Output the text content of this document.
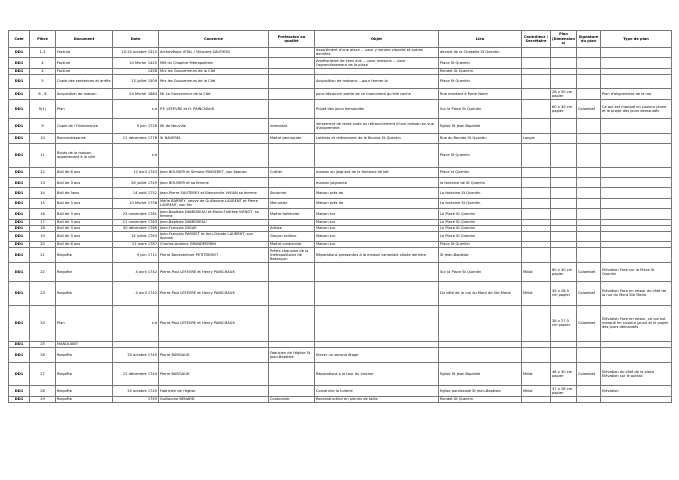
Cote	Pièce	Document	Date	Concerne	Profession ou qualité	Objet	Lieu	Contrôleur / Secrétaire	Plan (Dimension s)	Signature du plan	Type de plan
DD1	1-3	Facture	15-20 octobre 1315	Archevêque VITAL / Villaume SAVOYON		Assortiment d'une place ... pour y vendre viandes et autres denrées	devant de la Chapelle St Quentin				
DD1	4	Facture	10 février 1420	MM du Chapitre Métropolitain		Amélioration de cons dus ... pour maisons ... pour l'agrandissement de la place	Place St Quentin				
DD1	4	Facture	1458	Mrs les Gouverneurs de la Cité			Rendet St Quentin				
DD1	5	Copie des sentences et arrêts	13 juillet 1509	Mrs les Gouverneurs de la Cité		Acquisition de maisons ...pour former la	Place St Quentin				
DD1	6 - 8	Acquisition de maison	24 février 1664	Mr Le Gouverneur de la Cité		pour découvrir partie de ce monument qu'elle cache	Rue montant à Porte Noire		26 x 50 cm papier		Plan d'alignement de la rue
DD1	9(1)	Plan	s.d	P.F. LEFEVRE et H. PAINCHAUX		Projet des jours demandés	Sur la Place St Quentin		60 x 30 cm papier	Colombet	Ce qui est marqué en couleur jaune et le projet des jours demandés
DD1	9	Copie de l'Ordonnance	9 juin 1728	Mr de Neuville	Intendant	Versement de rente suite au retranchement d'une maison en vue d'alignement	Eglise St Jean-Baptiste				
DD1	10	Reconnaissance	21 décembre 1778	Sr BAVEREL	Maître perruquier	Lattines et relèvement de la Bourse St Quentin	Rue du Rondet St Quentin	Longin			
DD1	11	Bouts de la maison appartenant à la ville	s.d				Place St Quentin				
DD1	12	Bail de 6 ans	12 avril 1743	Jean BOUVIER et Simone PASSERET, son épouse	Cuttier	maison au joignant de la fontaine de lait	Place st Quentin				
DD1	13	Bail de 3 ans	26 juillet 1749	Jean BOUVIER et sa femme		maison joignante	la fontaine de St Quentin				
DD1	14	Bail de 9ans	14 août 1752	Jean-Pierre SAUTEREY et Bienvenüe VIVIAN sa femme	Sonturier	Maison près de	La fontaine St Quentin				
DD1	15	Bail de 3 ans	10 février 1758	Marie BARREY, veuve de Guillaume LAURENT et Pierre LAURENT, son fils	Menuisier	Maison près de	La fontaine St Quentin				
DD1	16	Bail de 3 ans	23 novembre 1761	Jean-Baptiste DAMIDSEAU et Marie-Thérèse VIENOT, sa femme	Maître tailleurier	Maison sur	La Place St Quentin				
DD1	17	Bail de 3 ans	12 novembre 1763	Jean-Baptiste DAMIDSEAU		Maison sur	La Place St Quentin				
DD1	18	Bail de 3 ans	30 décembre 1766	Jean-François DIGUE	Artiste	Maison sur	La Place St Quentin				
DD1	19	Bail de 3 ans	14 juillet 1763	Jean-François PARISET et Ann-Claude LAURENT, son épouse	Garçon tailleur	Maison sur	La Place St Quentin				
DD1	20	Bail de 6 ans	21 mars 1787	Charles-Antoine GRANDPERRIN	Maître cordonnier	Maison sur	Place St Quentin				
DD1	21	Requête	9 juin 1711	Pierre Bonaventure PETITREMOT	Prêtre chanoine de la métropolitaine de Besançon	Réparations pressantes à la maison canoniale située derrière	St Jean-Baptiste				
DD1	22	Requête	4 avril 1742	Pierre-Paul LEFEVRE et Henry PAINCHAUX			Sur la Place St Quentin	Millot	60 x 30 cm papier	Colombet	Elévation Face sur la Place St Quentin
DD1	23	Requête	4 avril 1742	Pierre-Paul LEFEVRE et Henry PAINCHAUX			Du côté de la rue du Mont de Ste Marie	Millot	45 x 28,5 cm papier	Colombet	Elévation Face en retour du côté de la rue du Mont Ste Marie
DD1	24	Plan	s.d	Pierre-Paul LEFEVRE et Henry PAINCHAUX					38 x 27,5 cm papier	Colombet	Elévation Face en retour, ce qui est marqué en couleur jaune et le projet des jours demandés
DD1	25	MANQUANT									
DD1	26	Requête	20 octobre 1745	Pierre BARGAUD	Fabricien de l'église St Jean-Baptiste	Elever un second étage					
DD1	27	Requête	12 décembre 1744	Pierre BARGAUD		Réparations à la tour du clocher	Eglise St Jean-Baptiste	Millot	46 x 30 cm papier	Colombet	Elévation du côté de la place Elévation sur le portail
DD1	28	Requête	20 octobre 1745	Fabricien de l'église		Construire la tuilerie	Eglise paroissiale St Jean-Baptiste	Millot	37 x 28 cm papier		Elévation
DD1	29	Requête	1749	Guillaume BENARD	Cordonnier	Reconstruction en pierres de taille	Rendet St Quentin				
